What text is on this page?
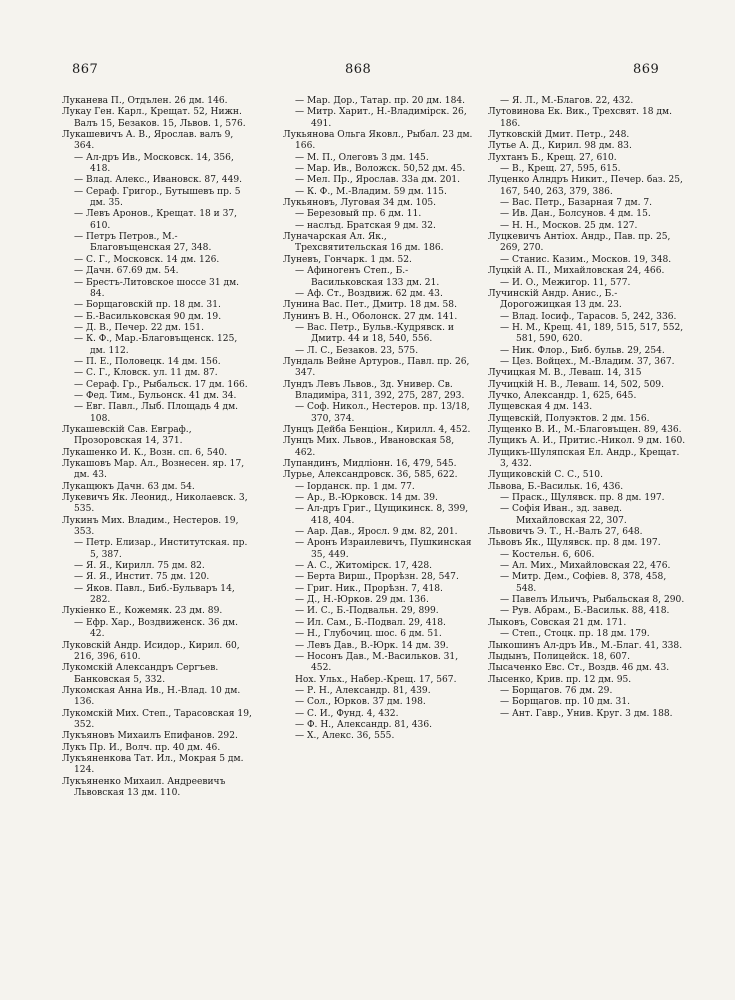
867	868	869
Луканева П., Отдълен. 26 дм. 146.
Лукау Ген. Карл., Крещат. 52, Нижн. Валъ 15, Безаков. 15, Львов. 1, 576.
Лукашевичъ А. В., Ярослав. валъ 9, 364.
— Ал-дръ Ив., Московск. 14, 356, 418.
— Влад. Алекс., Ивановск. 87, 449.
— Сераф. Григор., Бутышевъ пр. 5 дм. 35.
— Левъ Аронов., Крещат. 18 и 37, 610.
— Петръ Петров., М.-Благовъщенская 27, 348.
— С. Г., Московск. 14 дм. 126.
— Дачн. 67.69 дм. 54.
— Брестъ-Литовское шоссе 31 дм. 84.
— Борщаговскій пр. 18 дм. 31.
— Б.-Васильковская 90 дм. 19.
— Д. В., Печер. 22 дм. 151.
— К. Ф., Мар.-Благовъщенск. 125, дм. 112.
— П. Е., Половецк. 14 дм. 156.
— С. Г., Кловск. ул. 11 дм. 87.
— Сераф. Гр., Рыбальск. 17 дм. 166.
— Фед. Тим., Бульонск. 41 дм. 34.
— Евг. Павл., Лыб. Площадь 4 дм. 108.
Лукашевскій Сав. Евграф., Прозоровская 14, 371.
Лукашенко И. К., Возн. сп. 6, 540.
Лукашовъ Мар. Ал., Вознесен. яр. 17, дм. 43.
Лукащюкъ Дачн. 63 дм. 54.
Лукевичъ Як. Леонид., Николаевск. 3, 535.
Лукинъ Мих. Владим., Нестеров. 19, 353.
— Петр. Елизар., Институтская. пр. 5, 387.
— Я. Я., Кирилл. 75 дм. 82.
— Я. Я., Инстит. 75 дм. 120.
— Яков. Павл., Биб.-Бульваръ 14, 282.
Лукіенко Е., Кожемяк. 23 дм. 89.
— Ефр. Хар., Воздвиженск. 36 дм. 42.
Луковскій Андр. Исидор., Кирил. 60, 216, 396, 610.
Лукомскій Александръ Сергъев. Банковская 5, 332.
Лукомская Анна Ив., Н.-Влад. 10 дм. 136.
Лукомскій Мих. Степ., Тарасовская 19, 352.
Лукъяновъ Михаилъ Епифанов. 292.
Лукъ Пр. И., Волч. пр. 40 дм. 46.
Лукъяненкова Тат. Ил., Мокрая 5 дм. 124.
Лукъяненко Михаил. Андреевичъ Львовская 13 дм. 110.
— Мар. Дор., Татар. пр. 20 дм. 184.
— Митр. Харит., Н.-Владимірск. 26, 491.
Лукьянова Ольга Яковл., Рыбал. 23 дм. 166.
— М. П., Олеговъ 3 дм. 145.
— Мар. Ив., Воложск. 50,52 дм. 45.
— Мел. Пр., Ярослав. 33а дм. 201.
— К. Ф., М.-Владим. 59 дм. 115.
Лукьяновъ, Луговая 34 дм. 105.
— Березовый пр. 6 дм. 11.
— наслъд. Братская 9 дм. 32.
Луначарская Ал. Як., Трехсвятительская 16 дм. 186.
Луневъ, Гончарк. 1 дм. 52.
— Афиногенъ Степ., Б.-Васильковская 133 дм. 21.
— Аф. Ст., Воздвиж. 62 дм. 43.
Лунина Вас. Пет., Дмитр. 18 дм. 58.
Лунинъ В. Н., Оболонск. 27 дм. 141.
— Вас. Петр., Бульв.-Кудрявск. и Дмитр. 44 и 18, 540, 556.
— Л. С., Безаков. 23, 575.
Лундаль Вейне Артуров., Павл. пр. 26, 347.
Лундъ Левъ Львов., Зд. Универ. Св. Владиміра, 311, 392, 275, 287, 293.
— Соф. Никол., Нестеров. пр. 13/18, 370, 374.
Лунцъ Дейба Бенціон., Кирилл. 4, 452.
Лунцъ Мих. Львов., Ивановская 58, 462.
Лупандинъ, Мидліонн. 16, 479, 545.
Лурье, Александровск. 36, 585, 622.
— Іорданск. пр. 1 дм. 77.
— Ар., В.-Юрковск. 14 дм. 39.
— Ал-дръ Григ., Цущикинск. 8, 399, 418, 404.
— Аар. Дав., Яросл. 9 дм. 82, 201.
— Аронъ Израилевичъ, Пушкинская 35, 449.
— А. С., Житомірск. 17, 428.
— Берта Вирш., Прорѣзн. 28, 547.
— Григ. Ник., Прорѣзн. 7, 418.
— Д., Н.-Юрков. 29 дм. 136.
— И. С., Б.-Подвальн. 29, 899.
— Ил. Сам., Б.-Подвал. 29, 418.
— Н., Глубочиц. шос. 6 дм. 51.
— Левъ Дав., В.-Юрк. 14 дм. 39.
— Носонъ Дав., М.-Васильков. 31, 452.
Нох. Ульх., Набер.-Крещ. 17, 567.
— Р. Н., Александр. 81, 439.
— Сол., Юрков. 37 дм. 198.
— С. И., Фунд. 4, 432.
— Ф. Н., Александр. 81, 436.
— Х., Алекс. 36, 555.
— Я. Л., М.-Благов. 22, 432.
Лутовинова Ек. Вик., Трехсвят. 18 дм. 186.
Лутковскій Дмит. Петр., 248.
Лутье А. Д., Кирил. 98 дм. 83.
Лухтанъ Б., Крещ. 27, 610.
— В., Крещ. 27, 595, 615.
Луценко Алндръ Никит., Печер. баз. 25, 167, 540, 263, 379, 386.
— Вас. Петр., Базарная 7 дм. 7.
— Ив. Дан., Болсунов. 4 дм. 15.
— Н. Н., Москов. 25 дм. 127.
Луцкевичъ Антіох. Андр., Пав. пр. 25, 269, 270.
— Станис. Казим., Москов. 19, 348.
Луцкій А. П., Михайловская 24, 466.
— И. О., Межигор. 11, 577.
Лучинскій Андр. Анис., Б.-Дорогожицкая 13 дм. 23.
— Влад. Іосиф., Тарасов. 5, 242, 336.
— Н. М., Крещ. 41, 189, 515, 517, 552, 581, 590, 620.
— Ник. Флор., Биб. бульв. 29, 254.
— Цез. Войцех., М.-Владим. 37, 367.
Лучицкая М. В., Леваш. 14, 315
Лучицкій Н. В., Леваш. 14, 502, 509.
Лучко, Александр. 1, 625, 645.
Лущевская 4 дм. 143.
Лущевскій, Полуэктов. 2 дм. 156.
Лущенко В. И., М.-Благовъщен. 89, 436.
Лущикъ А. И., Притис.-Никол. 9 дм. 160.
Лущикъ-Шуляпская Ел. Андр., Крещат. 3, 432.
Лущиковскій С. С., 510.
Львова, Б.-Васильк. 16, 436.
— Праск., Щулявск. пр. 8 дм. 197.
— Софія Иван., зд. завед. Михайловская 22, 307.
Львовичъ Э. Т., Н.-Валъ 27, 648.
Львовъ Як., Щулявск. пр. 8 дм. 197.
— Костельн. 6, 606.
— Ал. Мих., Михайловская 22, 476.
— Митр. Дем., Софіев. 8, 378, 458, 548.
— Павелъ Ильичъ, Рыбальская 8, 290.
— Рув. Абрам., Б.-Васильк. 88, 418.
Лыковъ, Совская 21 дм. 171.
— Степ., Стоцк. пр. 18 дм. 179.
Лыкошинъ Ал-дръ Ив., М.-Благ. 41, 338.
Лыдынъ, Полицейск. 18, 607.
Лысаченко Евс. Ст., Воздв. 46 дм. 43.
Лысенко, Крив. пр. 12 дм. 95.
— Борщагов. 76 дм. 29.
— Борщагов. пр. 10 дм. 31.
— Ант. Гавр., Унив. Круг. 3 дм. 188.
